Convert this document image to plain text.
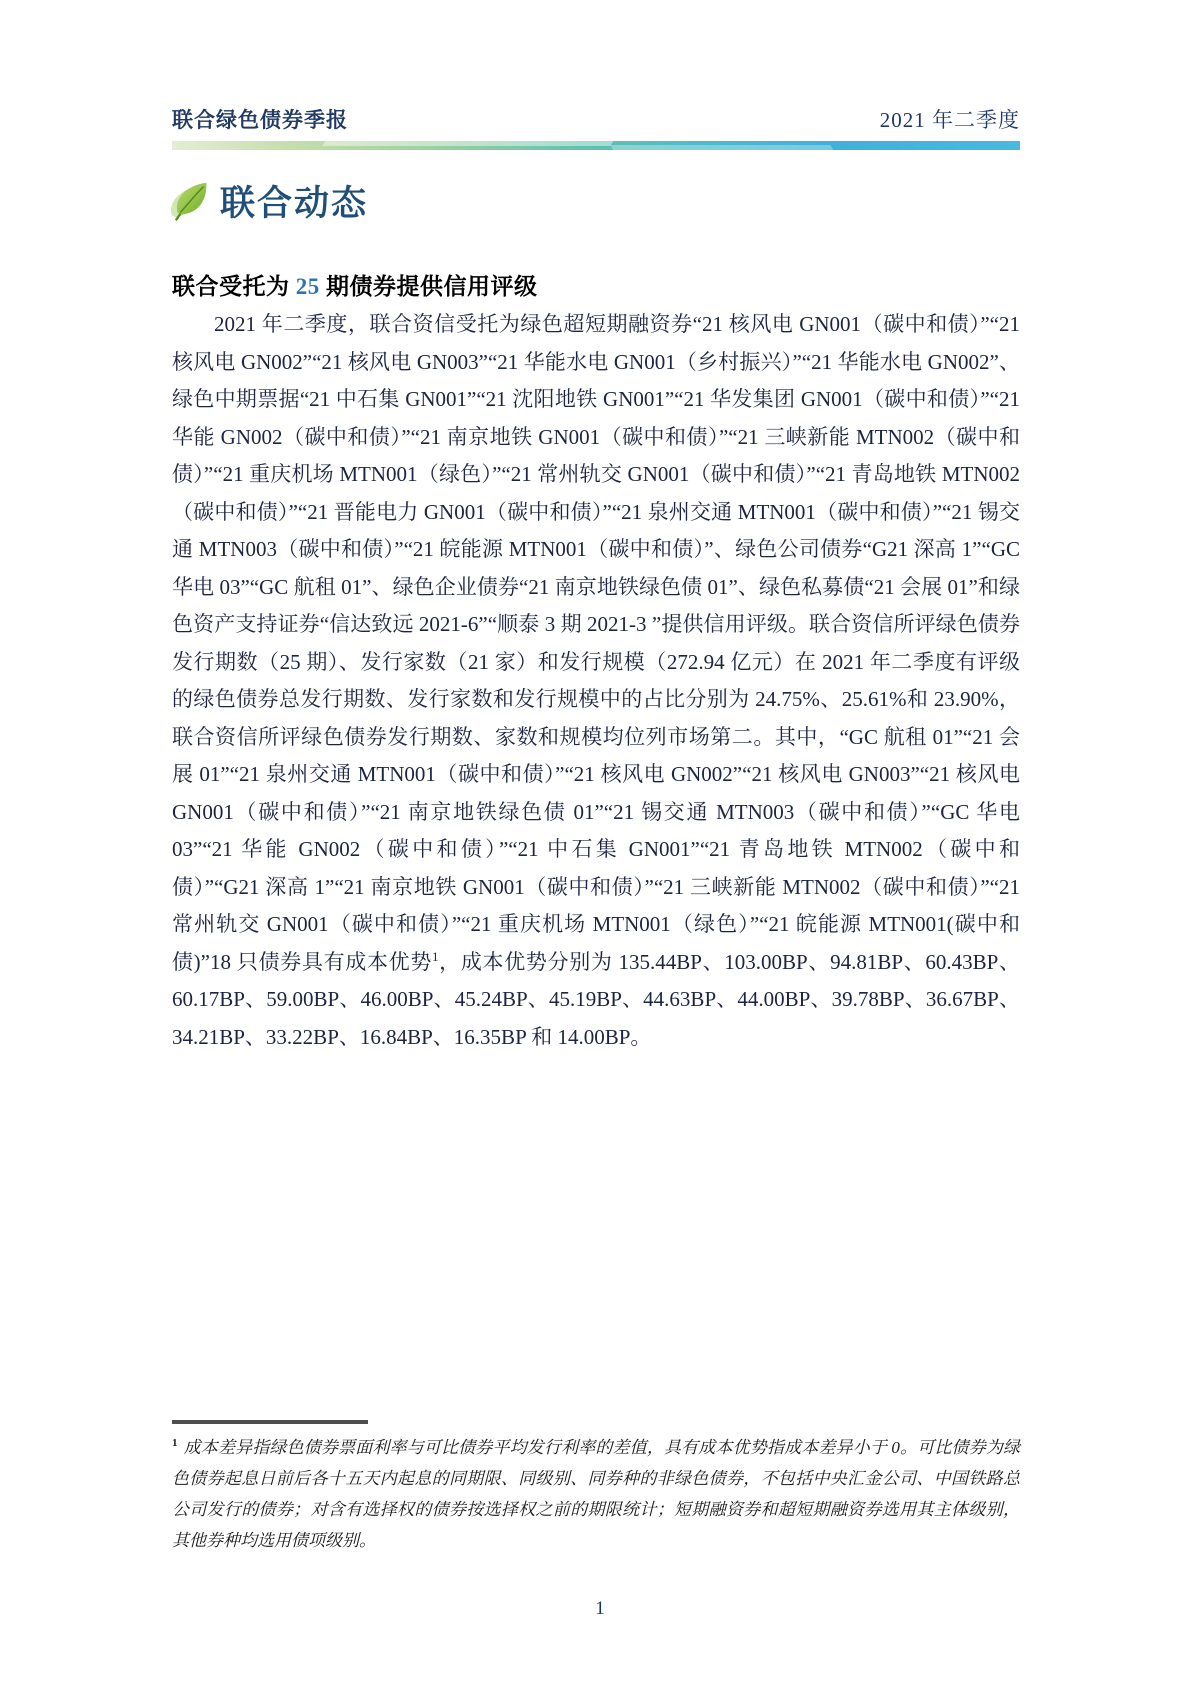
联合绿色债券季报	2021 年二季度
联合动态
联合受托为 25 期债券提供信用评级

2021 年二季度，联合资信受托为绿色超短期融资券“21 核风电 GN001（碳中和债）”“21 核风电 GN002”“21 核风电 GN003”“21 华能水电 GN001（乡村振兴）”“21 华能水电 GN002”、绿色中期票据“21 中石集 GN001”“21 沈阳地铁 GN001”“21 华发集团 GN001（碳中和债）”“21 华能 GN002（碳中和债）”“21 南京地铁 GN001（碳中和债）”“21 三峡新能 MTN002（碳中和债）”“21 重庆机场 MTN001（绿色）”“21 常州轨交 GN001（碳中和债）”“21 青岛地铁 MTN002（碳中和债）”“21 晋能电力 GN001（碳中和债）”“21 泉州交通 MTN001（碳中和债）”“21 锡交通 MTN003（碳中和债）”“21 皖能源 MTN001（碳中和债）”、绿色公司债券“G21 深高 1”“GC 华电 03”“GC 航租 01”、绿色企业债券“21 南京地铁绿色债 01”、绿色私募债“21 会展 01”和绿色资产支持证券“信达致远 2021-6”“顺泰 3 期 2021-3 ”提供信用评级。联合资信所评绿色债券发行期数（25 期）、发行家数（21 家）和发行规模（272.94 亿元）在 2021 年二季度有评级的绿色债券总发行期数、发行家数和发行规模中的占比分别为 24.75%、25.61%和 23.90%，联合资信所评绿色债券发行期数、家数和规模均位列市场第二。其中，“GC 航租 01”“21 会展 01”“21 泉州交通 MTN001（碳中和债）”“21 核风电 GN002”“21 核风电 GN003”“21 核风电 GN001（碳中和债）”“21 南京地铁绿色债 01”“21 锡交通 MTN003（碳中和债）”“GC 华电 03”“21 华能 GN002（碳中和债）”“21 中石集 GN001”“21 青岛地铁 MTN002（碳中和债）”“G21 深高 1”“21 南京地铁 GN001（碳中和债）”“21 三峡新能 MTN002（碳中和债）”“21 常州轨交 GN001（碳中和债）”“21 重庆机场 MTN001（绿色）”“21 皖能源 MTN001(碳中和债)”18 只债券具有成本优势$^1$，成本优势分别为 135.44BP、103.00BP、94.81BP、60.43BP、60.17BP、59.00BP、46.00BP、45.24BP、45.19BP、44.63BP、44.00BP、39.78BP、36.67BP、34.21BP、33.22BP、16.84BP、16.35BP 和 14.00BP。

$^1$ 成本差异指绿色债券票面利率与可比债券平均发行利率的差值，具有成本优势指成本差异小于 0。可比债券为绿色债券起息日前后各十五天内起息的同期限、同级别、同券种的非绿色债券，不包括中央汇金公司、中国铁路总公司发行的债券；对含有选择权的债券按选择权之前的期限统计；短期融资券和超短期融资券选用其主体级别，其他券种均选用债项级别。
1
